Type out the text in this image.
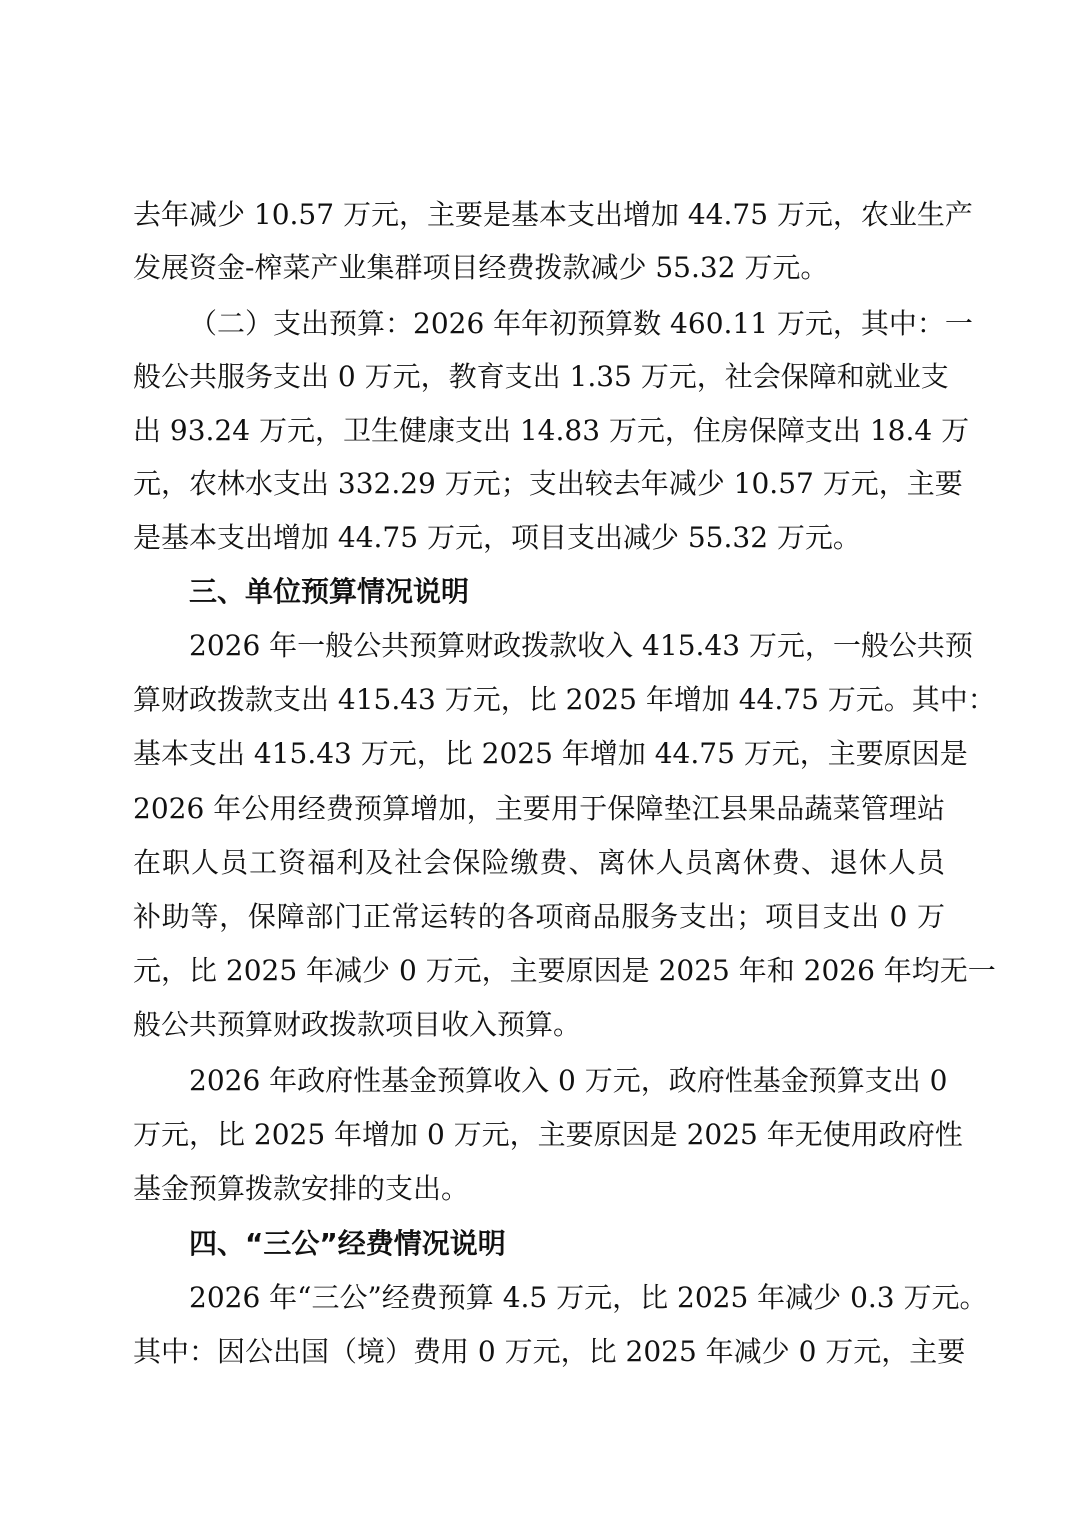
去年减少 10.57 万元，主要是基本支出增加 44.75 万元，农业生产
发展资金-榨菜产业集群项目经费拨款减少 55.32 万元。
（二）支出预算：2026 年年初预算数 460.11 万元，其中：一
般公共服务支出 0 万元，教育支出 1.35 万元，社会保障和就业支
出 93.24 万元，卫生健康支出 14.83 万元，住房保障支出 18.4 万
元，农林水支出 332.29 万元；支出较去年减少 10.57 万元，主要
是基本支出增加 44.75 万元，项目支出减少 55.32 万元。
三、单位预算情况说明
2026 年一般公共预算财政拨款收入 415.43 万元，一般公共预
算财政拨款支出 415.43 万元，比 2025 年增加 44.75 万元。其中：
基本支出 415.43 万元，比 2025 年增加 44.75 万元，主要原因是
2026 年公用经费预算增加，主要用于保障垫江县果品蔬菜管理站
在职人员工资福利及社会保险缴费、离休人员离休费、退休人员
补助等，保障部门正常运转的各项商品服务支出；项目支出 0 万
元，比 2025 年减少 0 万元，主要原因是 2025 年和 2026 年均无一
般公共预算财政拨款项目收入预算。
2026 年政府性基金预算收入 0 万元，政府性基金预算支出 0
万元，比 2025 年增加 0 万元，主要原因是 2025 年无使用政府性
基金预算拨款安排的支出。
四、“三公”经费情况说明
2026 年“三公”经费预算 4.5 万元，比 2025 年减少 0.3 万元。
其中：因公出国（境）费用 0 万元，比 2025 年减少 0 万元，主要
